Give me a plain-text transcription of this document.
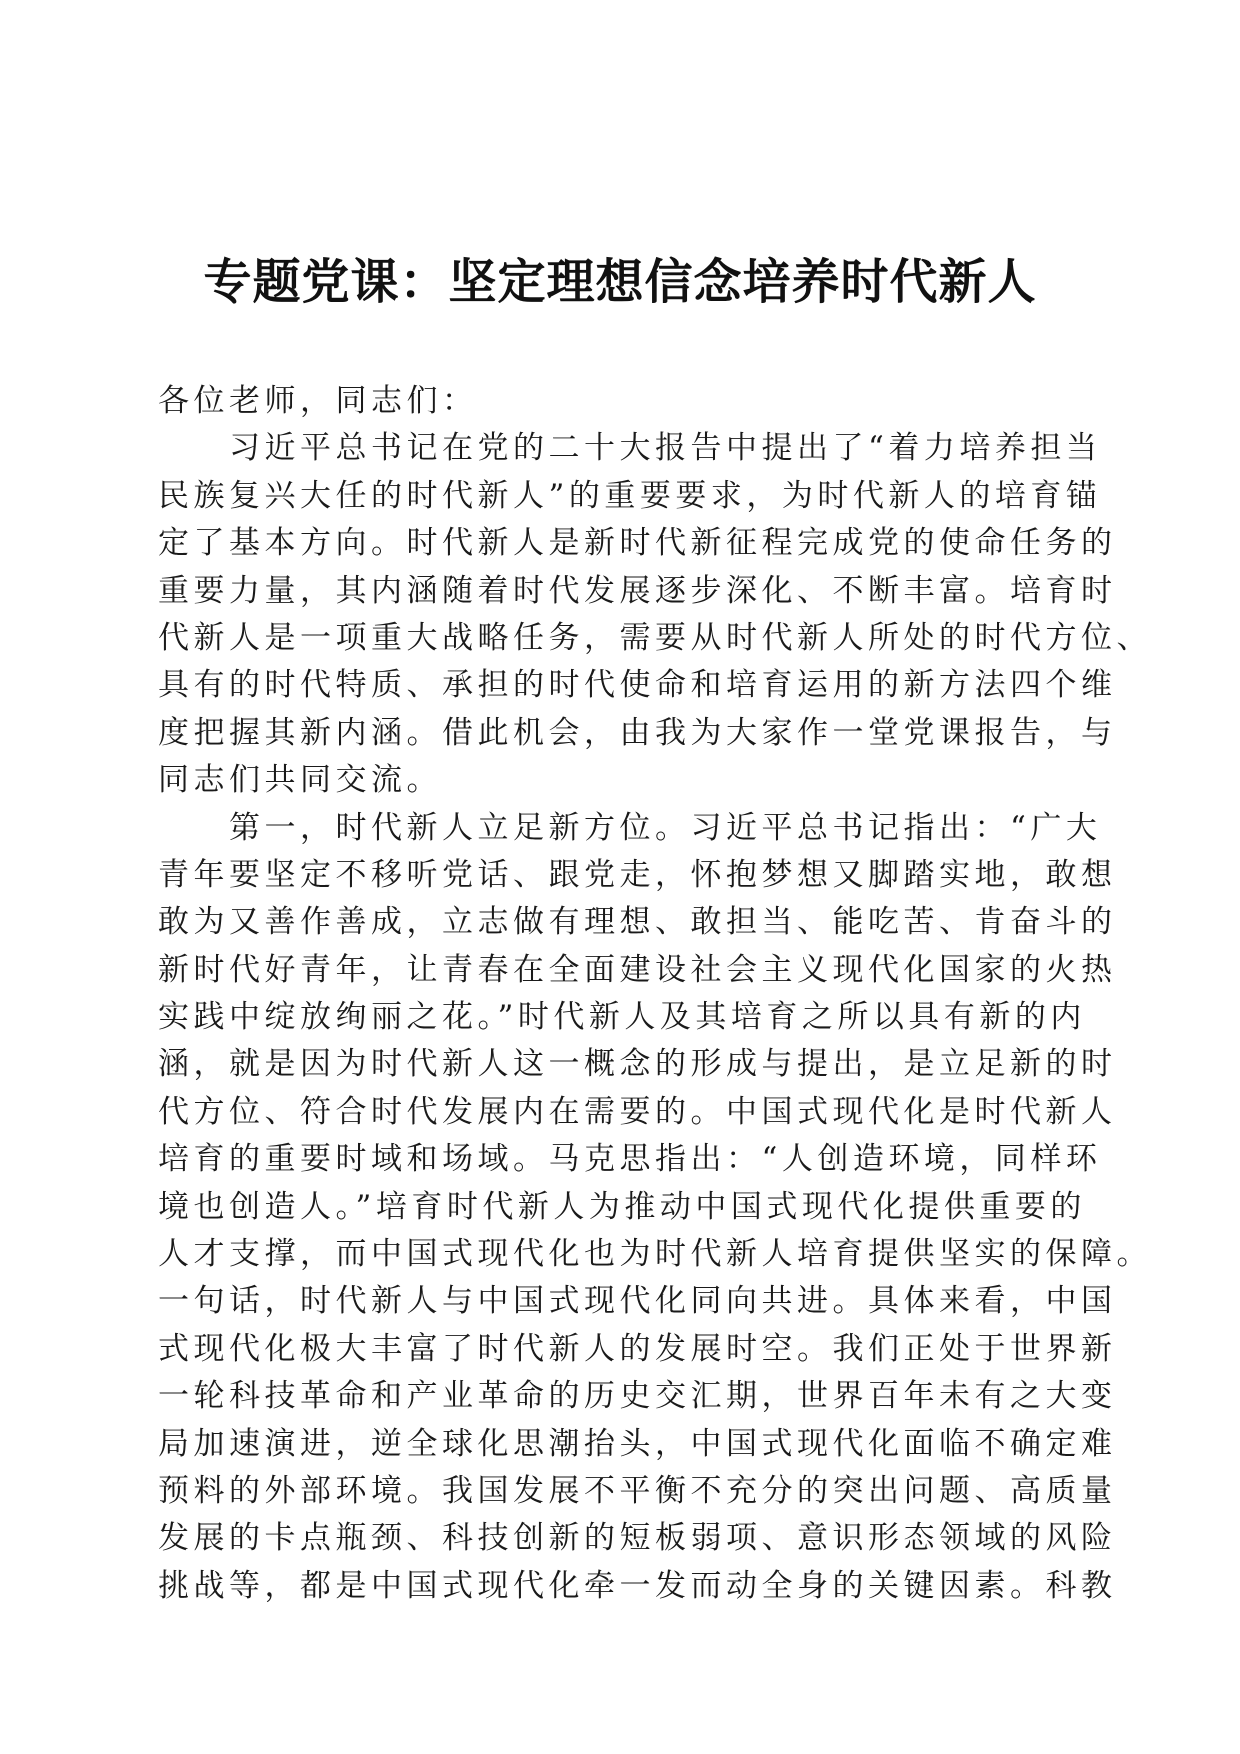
专题党课：坚定理想信念培养时代新人
各位老师，同志们：
　　习近平总书记在党的二十大报告中提出了“着力培养担当
民族复兴大任的时代新人”的重要要求，为时代新人的培育锚
定了基本方向。时代新人是新时代新征程完成党的使命任务的
重要力量，其内涵随着时代发展逐步深化、不断丰富。培育时
代新人是一项重大战略任务，需要从时代新人所处的时代方位、
具有的时代特质、承担的时代使命和培育运用的新方法四个维
度把握其新内涵。借此机会，由我为大家作一堂党课报告，与
同志们共同交流。
　　第一，时代新人立足新方位。习近平总书记指出：“广大
青年要坚定不移听党话、跟党走，怀抱梦想又脚踏实地，敢想
敢为又善作善成，立志做有理想、敢担当、能吃苦、肯奋斗的
新时代好青年，让青春在全面建设社会主义现代化国家的火热
实践中绽放绚丽之花。”时代新人及其培育之所以具有新的内
涵，就是因为时代新人这一概念的形成与提出，是立足新的时
代方位、符合时代发展内在需要的。中国式现代化是时代新人
培育的重要时域和场域。马克思指出：“人创造环境，同样环
境也创造人。”培育时代新人为推动中国式现代化提供重要的
人才支撑，而中国式现代化也为时代新人培育提供坚实的保障。
一句话，时代新人与中国式现代化同向共进。具体来看，中国
式现代化极大丰富了时代新人的发展时空。我们正处于世界新
一轮科技革命和产业革命的历史交汇期，世界百年未有之大变
局加速演进，逆全球化思潮抬头，中国式现代化面临不确定难
预料的外部环境。我国发展不平衡不充分的突出问题、高质量
发展的卡点瓶颈、科技创新的短板弱项、意识形态领域的风险
挑战等，都是中国式现代化牵一发而动全身的关键因素。科教
